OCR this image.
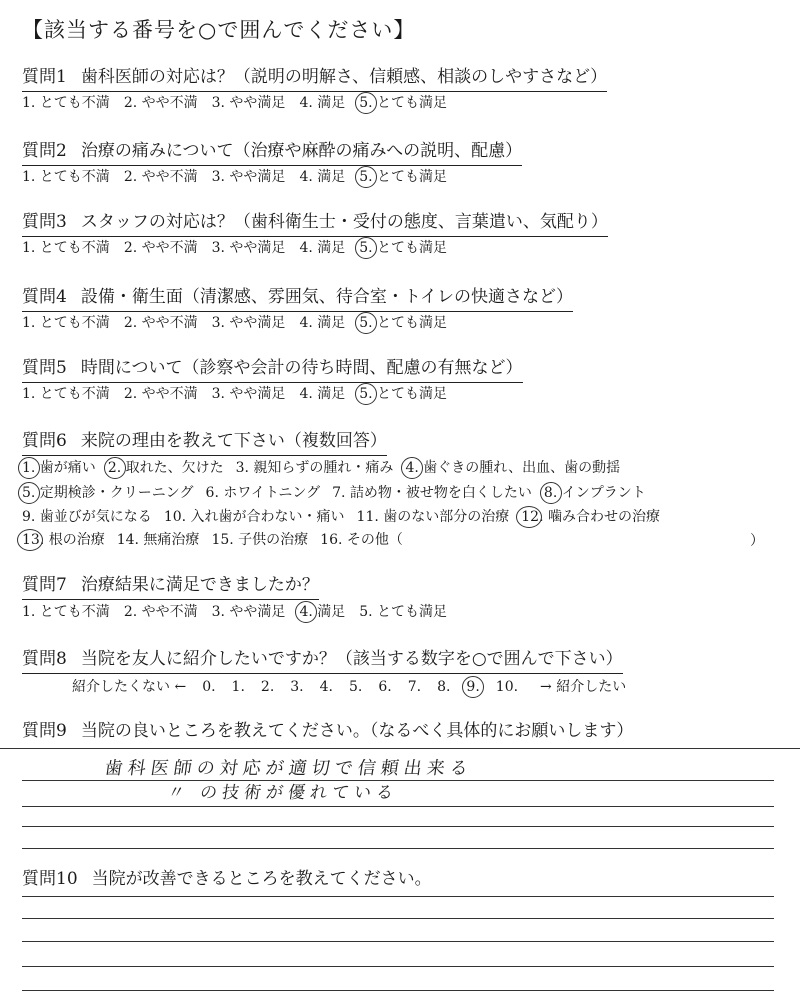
【該当する番号を○で囲んでください】
質問1 歯科医師の対応は？（説明の明解さ、信頼感、相談のしやすさなど）
1. とても不満 2. やや不満 3. やや満足 4. 満足 5. とても満足
質問2 治療の痛みについて（治療や麻酔の痛みへの説明、配慮）
1. とても不満 2. やや不満 3. やや満足 4. 満足 5. とても満足
質問3 スタッフの対応は？（歯科衛生士・受付の態度、言葉遣い、気配り）
1. とても不満 2. やや不満 3. やや満足 4. 満足 5. とても満足
質問4 設備・衛生面（清潔感、雰囲気、待合室・トイレの快適さなど）
1. とても不満 2. やや不満 3. やや満足 4. 満足 5. とても満足
質問5 時間について（診察や会計の待ち時間、配慮の有無など）
1. とても不満 2. やや不満 3. やや満足 4. 満足 5. とても満足
質問6 来院の理由を教えて下さい（複数回答）
1. 歯が痛い 2. 取れた、欠けた 3. 親知らずの腫れ・痛み 4. 歯ぐきの腫れ、出血、歯の動揺
5. 定期検診・クリーニング 6. ホワイトニング 7. 詰め物・被せ物を白くしたい 8. インプラント
9. 歯並びが気になる 10. 入れ歯が合わない・痛い 11. 歯のない部分の治療 12. 噛み合わせの治療
13. 根の治療 14. 無痛治療 15. 子供の治療 16. その他（	）
質問7 治療結果に満足できましたか？
1. とても不満 2. やや不満 3. やや満足 4. 満足 5. とても満足
質問8 当院を友人に紹介したいですか？（該当する数字を○で囲んで下さい）
紹介したくない ← 0. 1. 2. 3. 4. 5. 6. 7. 8. 9. 10. → 紹介したい
質問9 当院の良いところを教えてください。（なるべく具体的にお願いします）
歯科医師の対応が適切で信頼出来る
〃 の技術が優れている
質問10 当院が改善できるところを教えてください。
